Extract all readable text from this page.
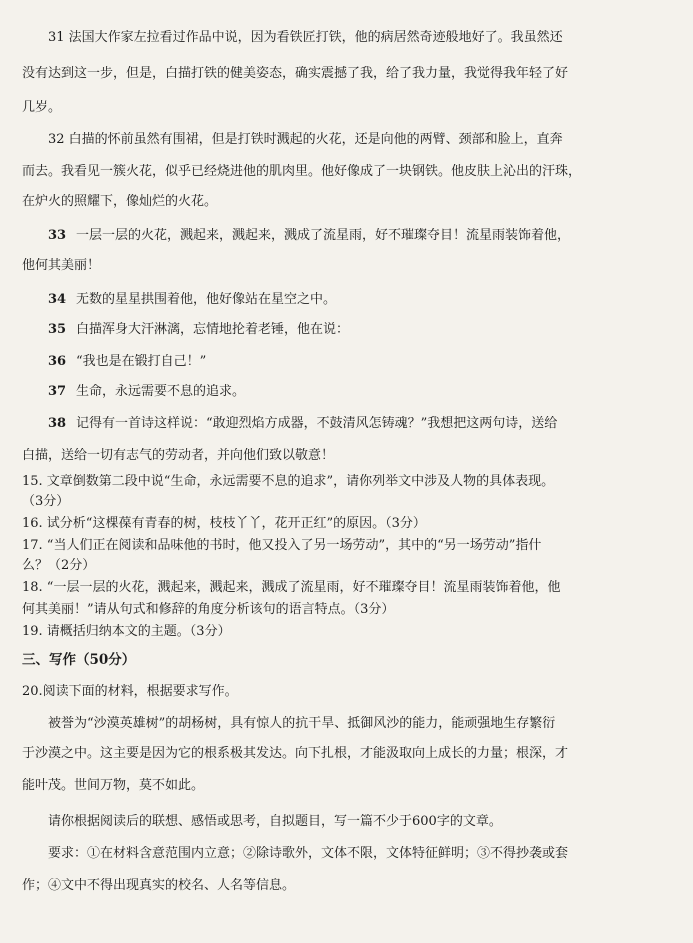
31 法国大作家左拉看过作品中说，因为看铁匠打铁，他的病居然奇迹般地好了。我虽然还
没有达到这一步，但是，白描打铁的健美姿态，确实震撼了我，给了我力量，我觉得我年轻了好
几岁。
32 白描的怀前虽然有围裙，但是打铁时溅起的火花，还是向他的两臂、颈部和脸上，直奔
而去。我看见一簇火花，似乎已经烧进他的肌肉里。他好像成了一块钢铁。他皮肤上沁出的汗珠，
在炉火的照耀下，像灿烂的火花。
33 一层一层的火花，溅起来，溅起来，溅成了流星雨，好不璀璨夺目！流星雨装饰着他，
他何其美丽！
34 无数的星星拱围着他，他好像站在星空之中。
35 白描浑身大汗淋漓，忘情地抡着老锤，他在说：
36 “我也是在锻打自己！”
37 生命，永远需要不息的追求。
38 记得有一首诗这样说：“敢迎烈焰方成器，不鼓清风怎铸魂？”我想把这两句诗，送给
白描，送给一切有志气的劳动者，并向他们致以敬意！
15. 文章倒数第二段中说“生命，永远需要不息的追求”，请你列举文中涉及人物的具体表现。
（3分）
16. 试分析“这棵葆有青春的树，枝枝丫丫，花开正红”的原因。（3分）
17. “当人们正在阅读和品味他的书时，他又投入了另一场劳动”，其中的“另一场劳动”指什
么？（2分）
18. “一层一层的火花，溅起来，溅起来，溅成了流星雨，好不璀璨夺目！流星雨装饰着他，他
何其美丽！”请从句式和修辞的角度分析该句的语言特点。（3分）
19. 请概括归纳本文的主题。（3分）
三、写作（50分）
20.阅读下面的材料，根据要求写作。
被誉为“沙漠英雄树”的胡杨树，具有惊人的抗干旱、抵御风沙的能力，能顽强地生存繁衍
于沙漠之中。这主要是因为它的根系极其发达。向下扎根，才能汲取向上成长的力量；根深，才
能叶茂。世间万物，莫不如此。
请你根据阅读后的联想、感悟或思考，自拟题目，写一篇不少于600字的文章。
要求：①在材料含意范围内立意；②除诗歌外，文体不限，文体特征鲜明；③不得抄袭或套
作；④文中不得出现真实的校名、人名等信息。
